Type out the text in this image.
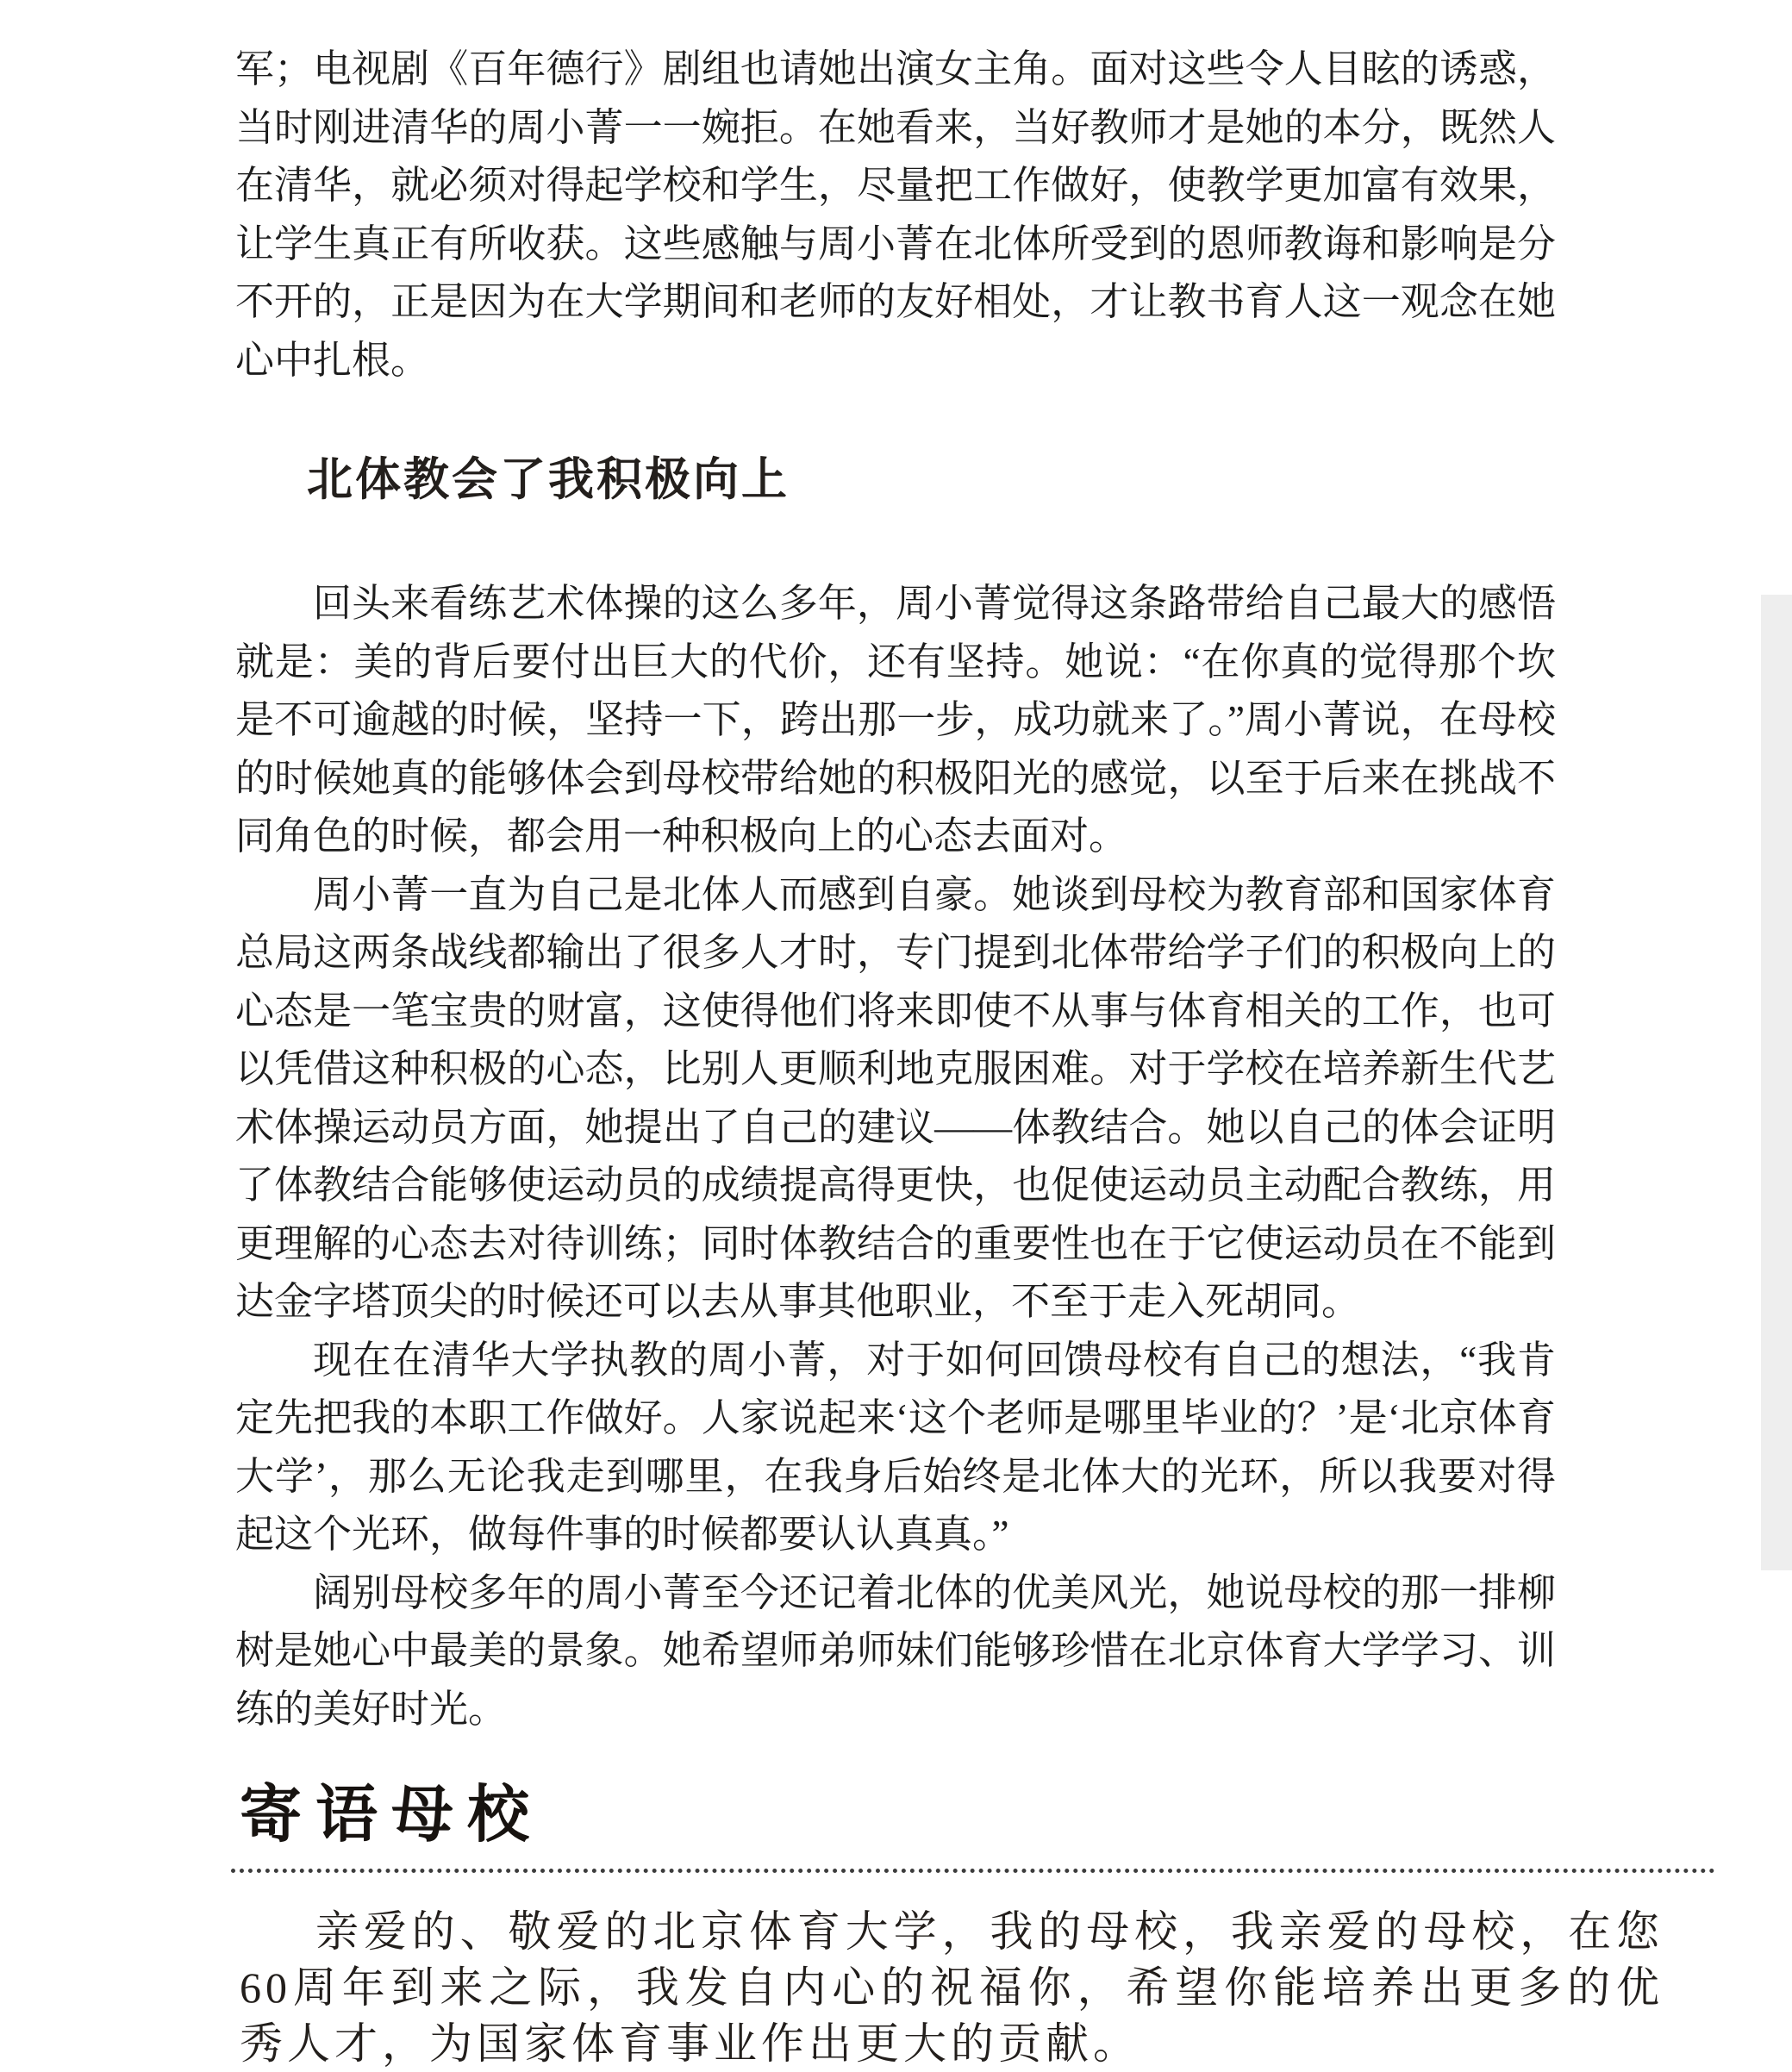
军；电视剧《百年德行》剧组也请她出演女主角。面对这些令人目眩的诱惑，当时刚进清华的周小菁一一婉拒。在她看来，当好教师才是她的本分，既然人在清华，就必须对得起学校和学生，尽量把工作做好，使教学更加富有效果，让学生真正有所收获。这些感触与周小菁在北体所受到的恩师教诲和影响是分不开的，正是因为在大学期间和老师的友好相处，才让教书育人这一观念在她心中扎根。

北体教会了我积极向上

回头来看练艺术体操的这么多年，周小菁觉得这条路带给自己最大的感悟就是：美的背后要付出巨大的代价，还有坚持。她说：“在你真的觉得那个坎是不可逾越的时候，坚持一下，跨出那一步，成功就来了。”周小菁说，在母校的时候她真的能够体会到母校带给她的积极阳光的感觉，以至于后来在挑战不同角色的时候，都会用一种积极向上的心态去面对。

周小菁一直为自己是北体人而感到自豪。她谈到母校为教育部和国家体育总局这两条战线都输出了很多人才时，专门提到北体带给学子们的积极向上的心态是一笔宝贵的财富，这使得他们将来即使不从事与体育相关的工作，也可以凭借这种积极的心态，比别人更顺利地克服困难。对于学校在培养新生代艺术体操运动员方面，她提出了自己的建议——体教结合。她以自己的体会证明了体教结合能够使运动员的成绩提高得更快，也促使运动员主动配合教练，用更理解的心态去对待训练；同时体教结合的重要性也在于它使运动员在不能到达金字塔顶尖的时候还可以去从事其他职业，不至于走入死胡同。

现在在清华大学执教的周小菁，对于如何回馈母校有自己的想法，“我肯定先把我的本职工作做好。人家说起来‘这个老师是哪里毕业的？’是‘北京体育大学’，那么无论我走到哪里，在我身后始终是北体大的光环，所以我要对得起这个光环，做每件事的时候都要认认真真。”

阔别母校多年的周小菁至今还记着北体的优美风光，她说母校的那一排柳树是她心中最美的景象。她希望师弟师妹们能够珍惜在北京体育大学学习、训练的美好时光。

寄语母校

亲爱的、敬爱的北京体育大学，我的母校，我亲爱的母校，在您60周年到来之际，我发自内心的祝福你，希望你能培养出更多的优秀人才，为国家体育事业作出更大的贡献。
